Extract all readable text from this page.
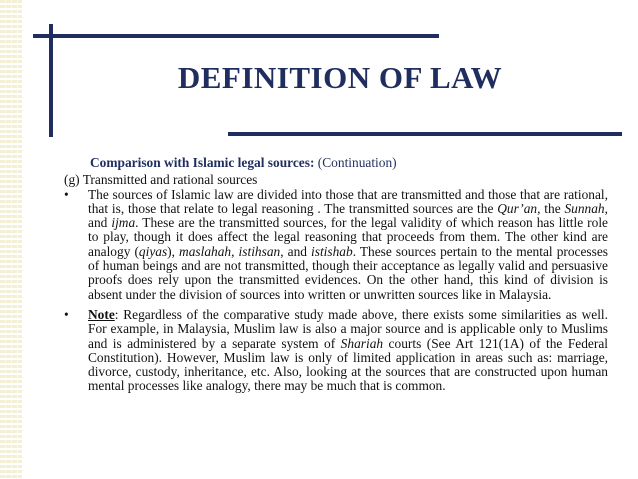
DEFINITION OF LAW

Comparison with Islamic legal sources: (Continuation)

(g) Transmitted and rational sources

• The sources of Islamic law are divided into those that are transmitted and those that are rational, that is, those that relate to legal reasoning . The transmitted sources are the Qur’an, the Sunnah, and ijma. These are the transmitted sources, for the legal validity of which reason has little role to play, though it does affect the legal reasoning that proceeds from them. The other kind are analogy (qiyas), maslahah, istihsan, and istishab. These sources pertain to the mental processes of human beings and are not transmitted, though their acceptance as legally valid and persuasive proofs does rely upon the transmitted evidences. On the other hand, this kind of division is absent under the division of sources into written or unwritten sources like in Malaysia.

• Note: Regardless of the comparative study made above, there exists some similarities as well. For example, in Malaysia, Muslim law is also a major source and is applicable only to Muslims and is administered by a separate system of Shariah courts (See Art 121(1A) of the Federal Constitution). However, Muslim law is only of limited application in areas such as: marriage, divorce, custody, inheritance, etc. Also, looking at the sources that are constructed upon human mental processes like analogy, there may be much that is common.
